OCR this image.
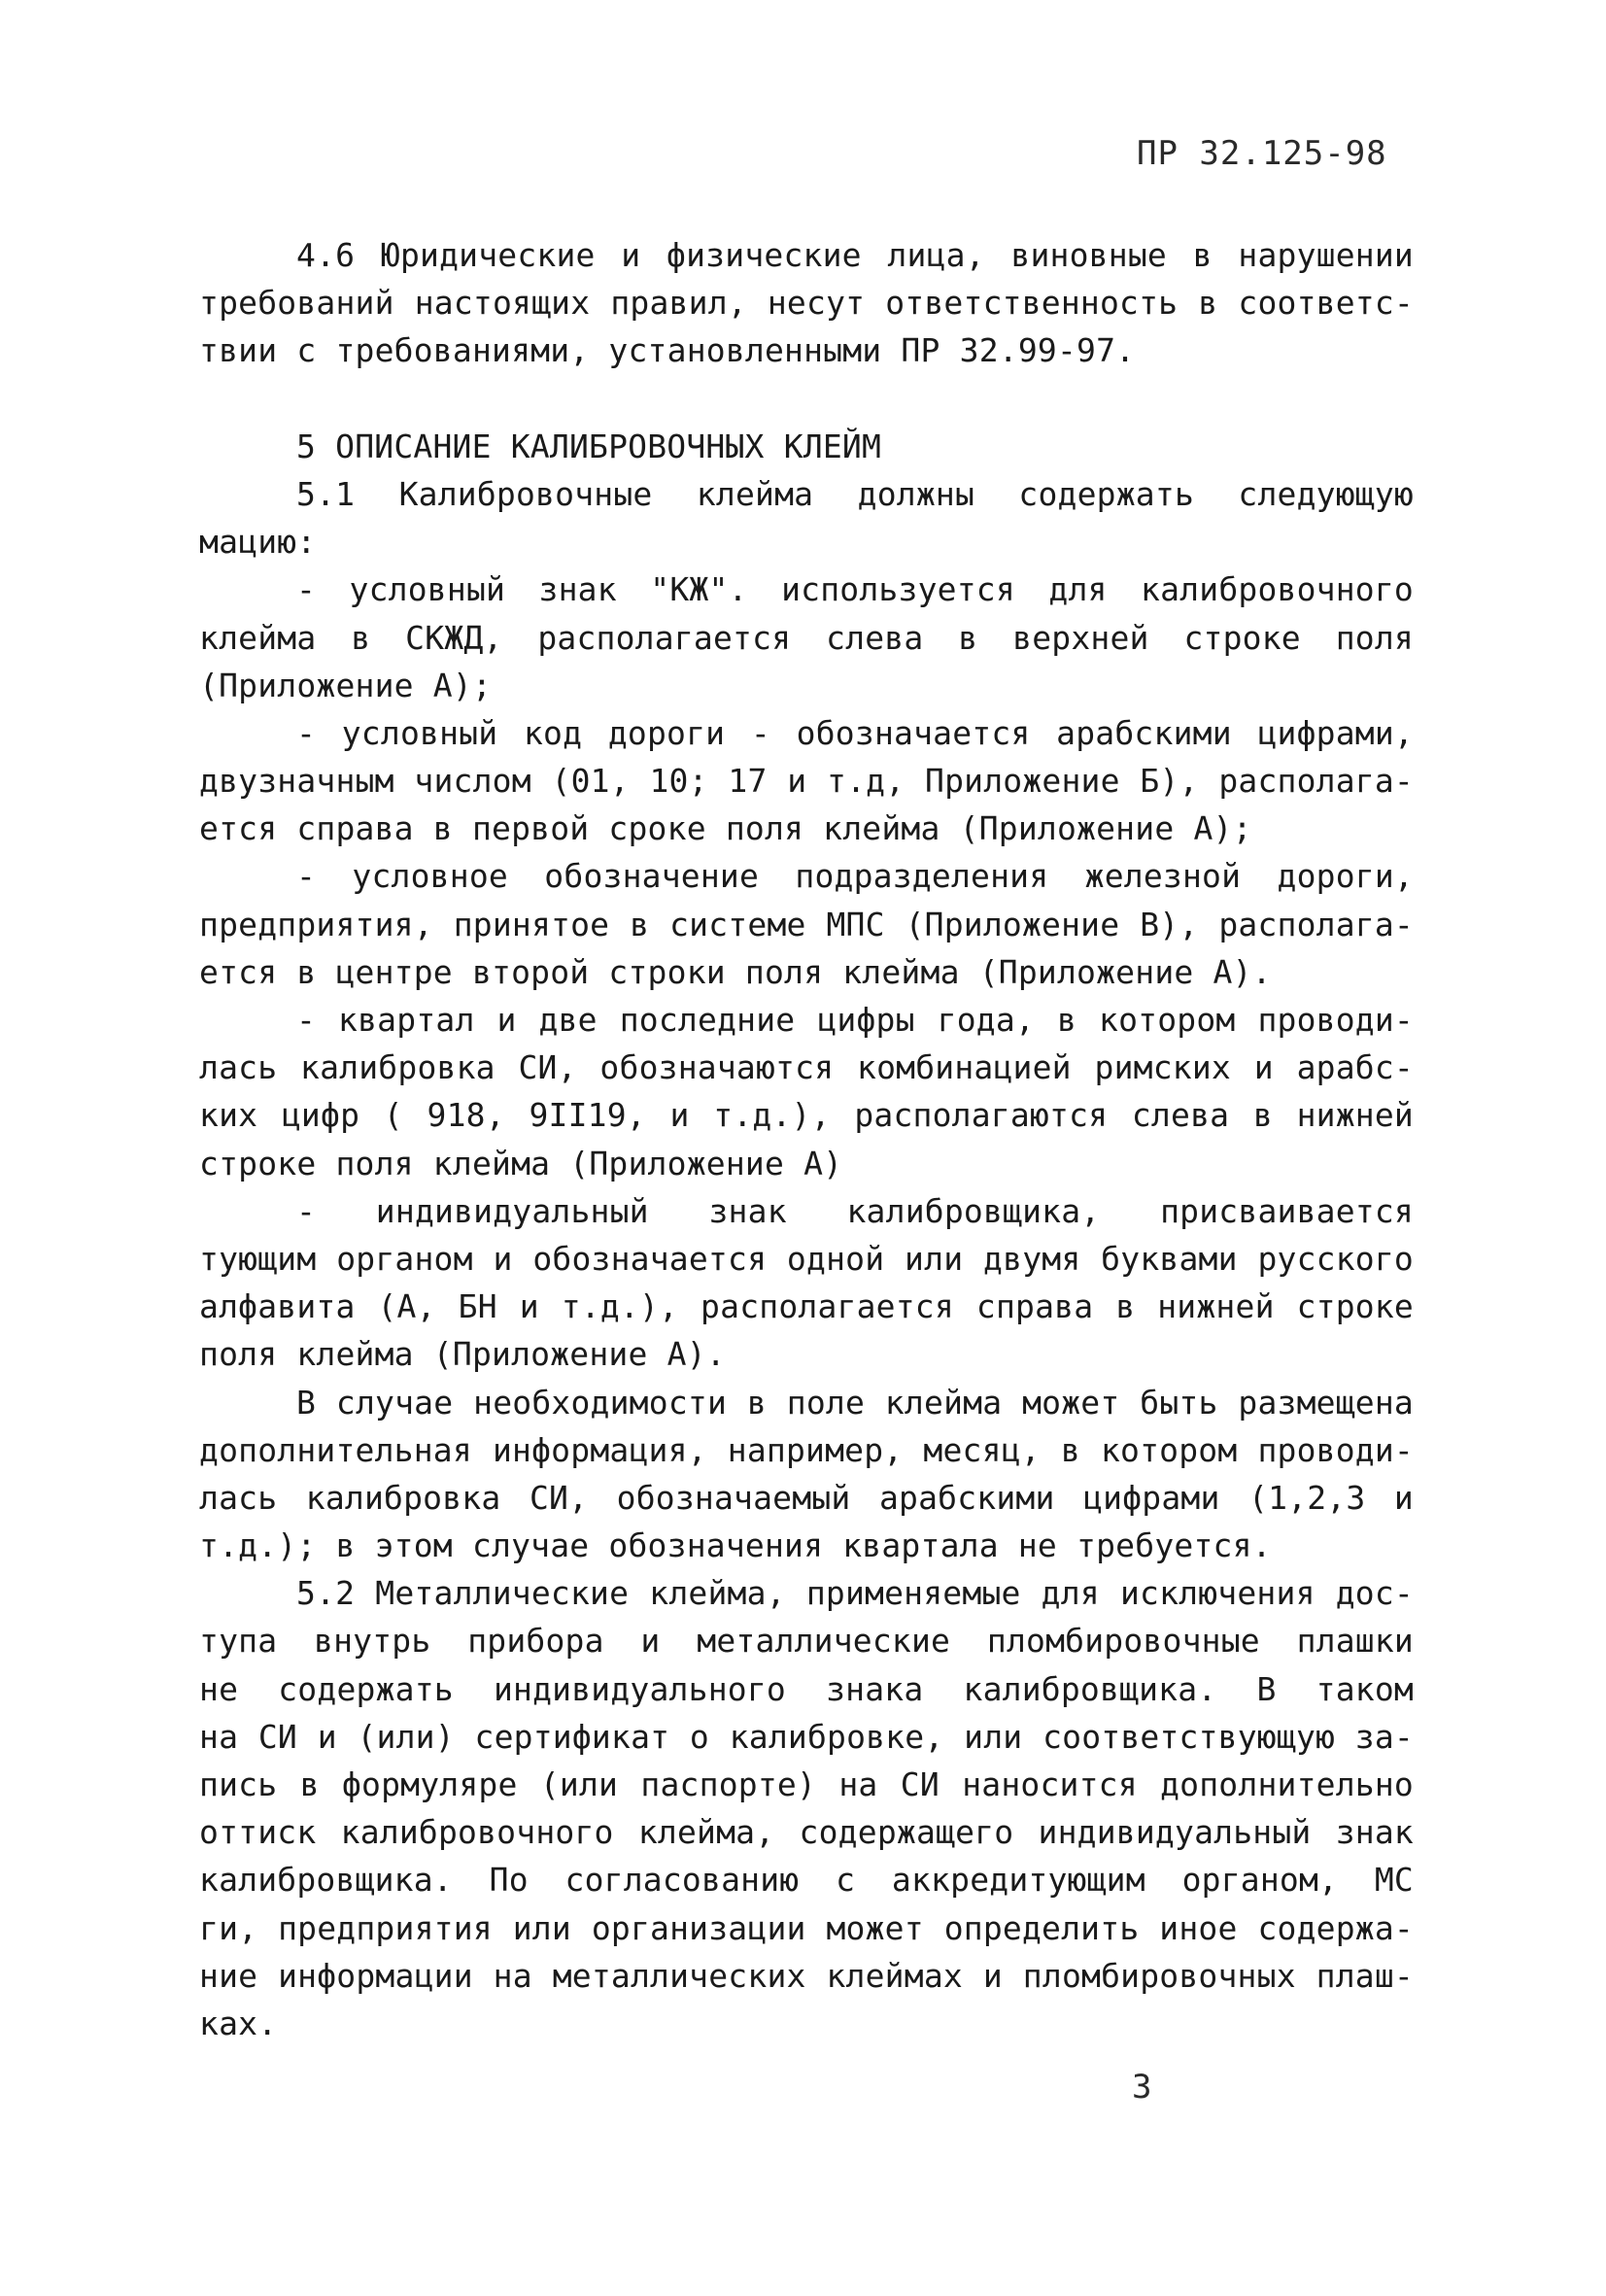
ПР 32.125-98
4.6 Юридические и физические лица, виновные в нарушении
требований настоящих правил, несут ответственность в соответс-
твии с требованиями, установленными ПР 32.99-97.
5 ОПИСАНИЕ КАЛИБРОВОЧНЫХ КЛЕЙМ
5.1 Калибровочные клейма должны содержать следующую
мацию:
- условный знак "КЖ". используется для калибровочного
клейма в СКЖД, располагается слева в верхней строке поля
(Приложение А);
- условный код дороги - обозначается арабскими цифрами,
двузначным числом (01, 10; 17 и т.д, Приложение Б), располага-
ется справа в первой сроке поля клейма (Приложение А);
- условное обозначение подразделения железной дороги,
предприятия, принятое в системе МПС (Приложение В), располага-
ется в центре второй строки поля клейма (Приложение А).
- квартал и две последние цифры года, в котором проводи-
лась калибровка СИ, обозначаются комбинацией римских и арабс-
ких цифр ( 918, 9II19, и т.д.), располагаются слева в нижней
строке поля клейма (Приложение А)
- индивидуальный знак калибровщика, присваивается
тующим органом и обозначается одной или двумя буквами русского
алфавита (А, БН и т.д.), располагается справа в нижней строке
поля клейма (Приложение А).
В случае необходимости в поле клейма может быть размещена
дополнительная информация, например, месяц, в котором проводи-
лась калибровка СИ, обозначаемый арабскими цифрами (1,2,3 и
т.д.); в этом случае обозначения квартала не требуется.
5.2 Металлические клейма, применяемые для исключения дос-
тупа внутрь прибора и металлические пломбировочные плашки
не содержать индивидуального знака калибровщика. В таком
на СИ и (или) сертификат о калибровке, или соответствующую за-
пись в формуляре (или паспорте) на СИ наносится дополнительно
оттиск калибровочного клейма, содержащего индивидуальный знак
калибровщика. По согласованию с аккредитующим органом, МС
ги, предприятия или организации может определить иное содержа-
ние информации на металлических клеймах и пломбировочных плаш-
ках.
3
